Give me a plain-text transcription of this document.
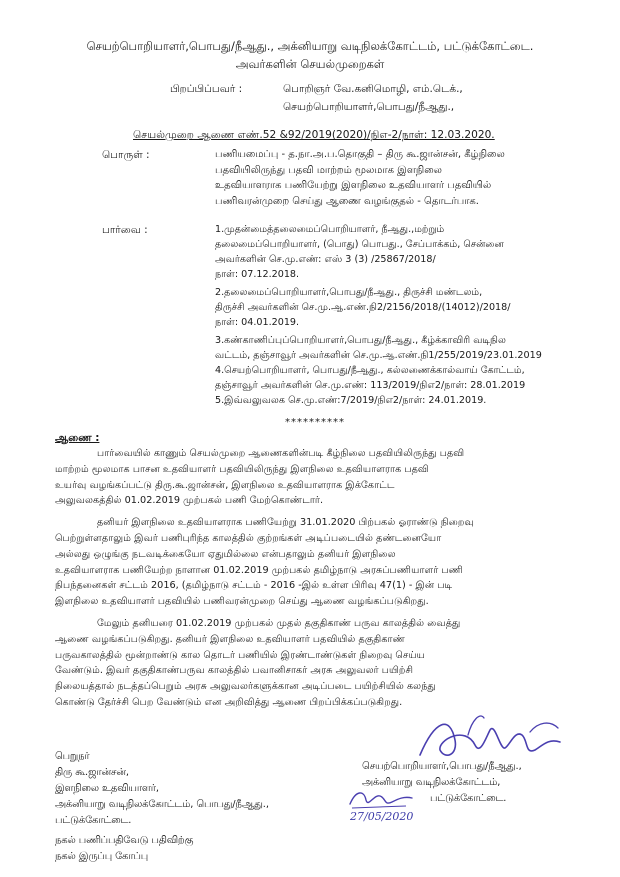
செயற்பொறியாளர்,பொபது/நீஆது., அக்னியாறு வடிநிலக்கோட்டம், பட்டுக்கோட்டை.
அவர்களின் செயல்முறைகள்
பிறப்பிப்பவர் :	பொறிஞர் வே.கனிமொழி, எம்.டெக்.,
செயற்பொறியாளர்,பொபது/நீஆது.,
செயல்முறை ஆணை எண்.52 &92/2019(2020)/நிஎ-2/நாள்: 12.03.2020.
பொருள் :	பணியமைப்பு - த.நா.அ.ப.தொகுதி – திரு கூ.ஜான்சன், கீழ்நிலை
பதவியிலிருந்து பதவி மாற்றம் மூலமாக இளநிலை
உதவியாளராக பணியேற்று இளநிலை உதவியாளர் பதவியில்
பணிவரன்முறை செய்து ஆணை வழங்குதல் - தொடர்பாக.
பார்வை :	1.முதன்மைத்தலைமைப்பொறியாளர், நீஆது.,மற்றும்
தலைமைப்பொறியாளர், (பொது) பொபது., சேப்பாக்கம், சென்னை
அவர்களின் செ.மு.எண்: எஸ் 3 (3) /25867/2018/
நாள்: 07.12.2018.
2.தலைமைப்பொறியாளர்,பொபது/நீஆது., திருச்சி மண்டலம்,
திருச்சி அவர்களின் செ.மு.ஆ.எண்.நி2/2156/2018/(14012)/2018/
நாள்: 04.01.2019.
3.கண்காணிப்புப்பொறியாளர்,பொபது/நீஆது., கீழ்க்காவிரி வடிநில
வட்டம், தஞ்சாவூர் அவர்களின் செ.மு.ஆ.எண்.நி1/255/2019/23.01.2019
4.செயற்பொறியாளர், பொபது/நீஆது., கல்லணைக்கால்வாய் கோட்டம்,
தஞ்சாவூர் அவர்களின் செ.மு.எண்: 113/2019/நிஎ2/நாள்: 28.01.2019
5.இவ்வலுவலக செ.மு.எண்:7/2019/நிஎ2/நாள்: 24.01.2019.
**********
ஆணை :
பார்வையில் காணும் செயல்முறை ஆணைகளின்படி கீழ்நிலை பதவியிலிருந்து பதவி
மாற்றம் மூலமாக பாசன உதவியாளர் பதவியிலிருந்து இளநிலை உதவியாளராக பதவி
உயர்வு வழங்கப்பட்டு திரு.கூ.ஜான்சன், இளநிலை உதவியாளராக இக்கோட்ட
அலுவலகத்தில் 01.02.2019 முற்பகல் பணி மேற்கொண்டார்.
தனியர் இளநிலை உதவியாளராக பணியேற்று 31.01.2020 பிற்பகல் ஓராண்டு நிறைவு
பெற்றுள்ளதாலும் இவர் பணிபுரிந்த காலத்தில் குற்றங்கள் அடிப்படையில் தண்டனையோ
அல்லது ஒழுங்கு நடவடிக்கையோ ஏதுமில்லை என்பதாலும் தனியர் இளநிலை
உதவியாளராக பணியேற்ற நாளான 01.02.2019 முற்பகல் தமிழ்நாடு அரசுப்பணியாளர் பணி
நிபந்தனைகள் சட்டம் 2016, (தமிழ்நாடு சட்டம் - 2016 -இல் உள்ள பிரிவு 47(1) - இன் படி
இளநிலை உதவியாளர் பதவியில் பணிவரன்முறை செய்து ஆணை வழங்கப்படுகிறது.
மேலும் தனியரை 01.02.2019 முற்பகல் முதல் தகுதிகாண் பருவ காலத்தில் வைத்து
ஆணை வழங்கப்படுகிறது. தனியர் இளநிலை உதவியாளர் பதவியில் தகுதிகாண்
பருவகாலத்தில் மூன்றாண்டு கால தொடர் பணியில் இரண்டாண்டுகள் நிறைவு செய்ய
வேண்டும். இவர் தகுதிகாண்பருவ காலத்தில் பவானிசாகர் அரசு அலுவலர் பயிற்சி
நிலையத்தால் நடத்தப்பெறும் அரசு அலுவலர்களுக்கான அடிப்படை பயிற்சியில் கலந்து
கொண்டு தேர்ச்சி பெற வேண்டும் என அறிவித்து ஆணை பிறப்பிக்கப்படுகிறது.
பெறுநர்
திரு கூ.ஜான்சன்,
இளநிலை உதவியாளர்,
அக்னியாறு வடிநிலக்கோட்டம், பொபது/நீஆது.,
பட்டுக்கோட்டை.
செயற்பொறியாளர்,பொபது/நீஆது.,
அக்னியாறு வடிநிலக்கோட்டம்,
பட்டுக்கோட்டை.
27/05/2020
நகல் பணிப்பதிவேடு பதிவிற்கு
நகல் இருப்பு கோப்பு
